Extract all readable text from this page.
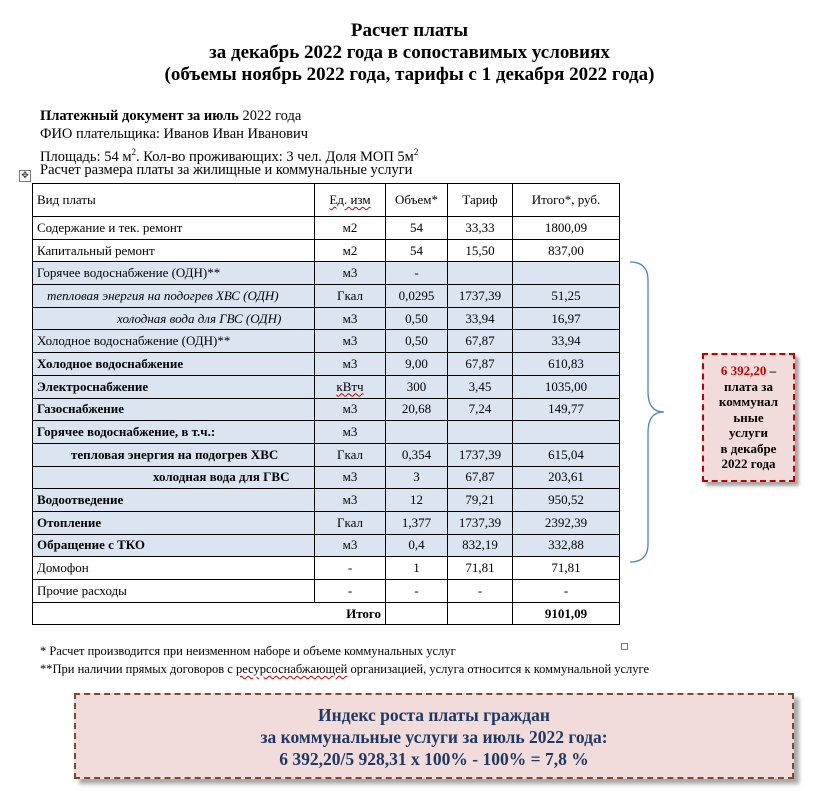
Расчет платы
за декабрь 2022 года в сопоставимых условиях
(объемы ноябрь 2022 года, тарифы с 1 декабря 2022 года)
Платежный документ за июль 2022 года
ФИО плательщика: Иванов Иван Иванович
Площадь: 54 $м^2$. Кол-во проживающих: 3 чел. Доля МОП $5м^2$
✥ Расчет размера платы за жилищные и коммунальные услуги
Вид платы	Ед. изм	Объем*	Тариф	Итого*, руб.
Содержание и тек. ремонт	м2	54	33,33	1800,09
Капитальный ремонт	м2	54	15,50	837,00
Горячее водоснабжение (ОДН)**	м3	-		
тепловая энергия на подогрев ХВС (ОДН)	Гкал	0,0295	1737,39	51,25
холодная вода для ГВС (ОДН)	м3	0,50	33,94	16,97
Холодное водоснабжение (ОДН)**	м3	0,50	67,87	33,94
Холодное водоснабжение	м3	9,00	67,87	610,83
Электроснабжение	кВтч	300	3,45	1035,00
Газоснабжение	м3	20,68	7,24	149,77
Горячее водоснабжение, в т.ч.:	м3			
тепловая энергия на подогрев ХВС	Гкал	0,354	1737,39	615,04
холодная вода для ГВС	м3	3	67,87	203,61
Водоотведение	м3	12	79,21	950,52
Отопление	Гкал	1,377	1737,39	2392,39
Обращение с ТКО	м3	0,4	832,19	332,88
Домофон	-	1	71,81	71,81
Прочие расходы	-	-	-	-
Итого				9101,09
6 392,20 –
плата за
коммунал
ьные
услуги
в декабре
2022 года
* Расчет производится при неизменном наборе и объеме коммунальных услуг
**При наличии прямых договоров с ресурсоснабжающей организацией, услуга относится к коммунальной услуге
Индекс роста платы граждан
за коммунальные услуги за июль 2022 года:
6 392,20/5 928,31 х 100% - 100% = 7,8 %
